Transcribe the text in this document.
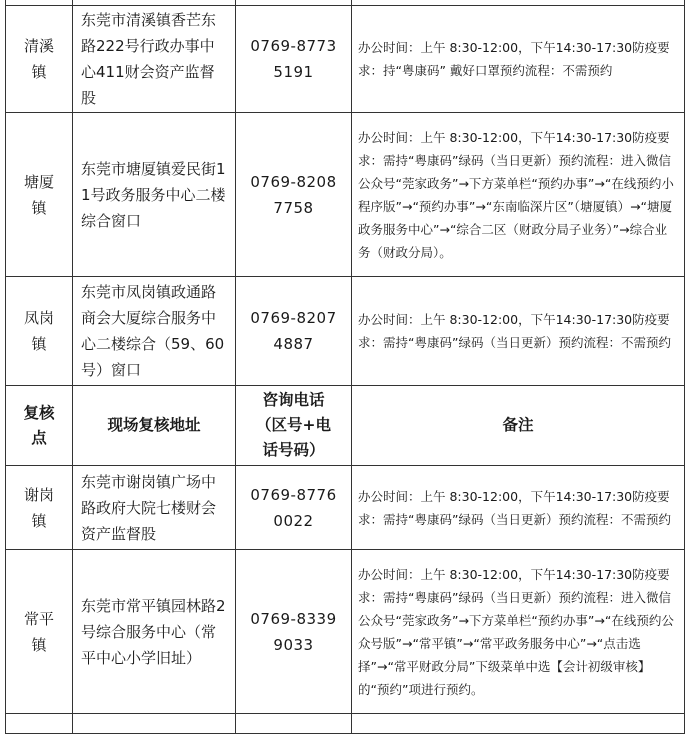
清溪镇	东莞市清溪镇香芒东路222号行政办事中心411财会资产监督股	0769-87735191	办公时间：上午 8:30-12:00，下午14:30-17:30防疫要求：持“粤康码” 戴好口罩预约流程：不需预约

塘厦镇	东莞市塘厦镇爱民街11号政务服务中心二楼综合窗口	0769-82087758	办公时间：上午 8:30-12:00，下午14:30-17:30防疫要求：需持“粤康码”绿码（当日更新）预约流程：进入微信公众号“莞家政务”→下方菜单栏“预约办事”→“在线预约小程序版”→“预约办事”→“东南临深片区”（塘厦镇）→“塘厦政务服务中心”→“综合二区（财政分局子业务）”→综合业务（财政分局）。

凤岗镇	东莞市凤岗镇政通路商会大厦综合服务中心二楼综合（59、60号）窗口	0769-82074887	办公时间：上午 8:30-12:00，下午14:30-17:30防疫要求：需持“粤康码”绿码（当日更新）预约流程：不需预约

复核点	现场复核地址	咨询电话（区号+电话号码）	备注

谢岗镇	东莞市谢岗镇广场中路政府大院七楼财会资产监督股	0769-87760022	办公时间：上午 8:30-12:00，下午14:30-17:30防疫要求：需持“粤康码”绿码（当日更新）预约流程：不需预约

常平镇	东莞市常平镇园林路2号综合服务中心（常平中心小学旧址）	0769-83399033	办公时间：上午 8:30-12:00，下午14:30-17:30防疫要求：需持“粤康码”绿码（当日更新）预约流程：进入微信公众号“莞家政务”→下方菜单栏“预约办事”→“在线预约公众号版”→“常平镇”→“常平政务服务中心”→“点击选择”→“常平财政分局”下级菜单中选【会计初级审核】的“预约”项进行预约。
